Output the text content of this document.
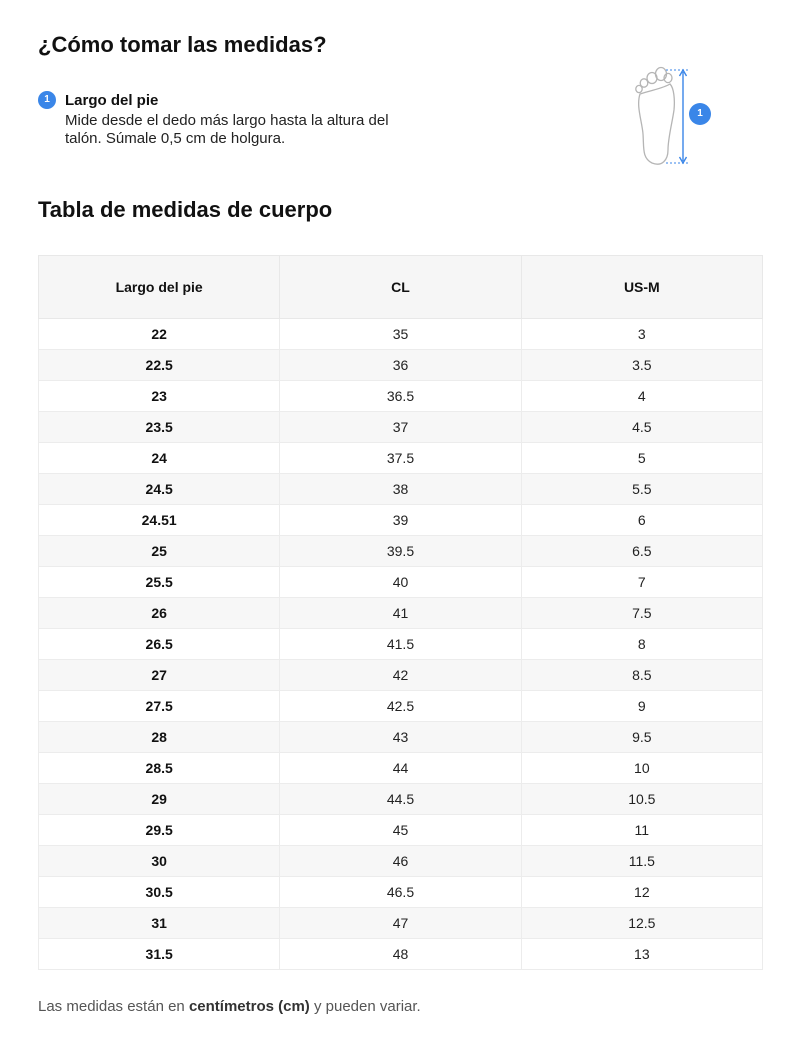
¿Cómo tomar las medidas?
1	Largo del pie
Mide desde el dedo más largo hasta la altura del talón. Súmale 0,5 cm de holgura.
1
Tabla de medidas de cuerpo
Largo del pie	CL	US-M
22	35	3
22.5	36	3.5
23	36.5	4
23.5	37	4.5
24	37.5	5
24.5	38	5.5
24.51	39	6
25	39.5	6.5
25.5	40	7
26	41	7.5
26.5	41.5	8
27	42	8.5
27.5	42.5	9
28	43	9.5
28.5	44	10
29	44.5	10.5
29.5	45	11
30	46	11.5
30.5	46.5	12
31	47	12.5
31.5	48	13
Las medidas están en centímetros (cm) y pueden variar.
